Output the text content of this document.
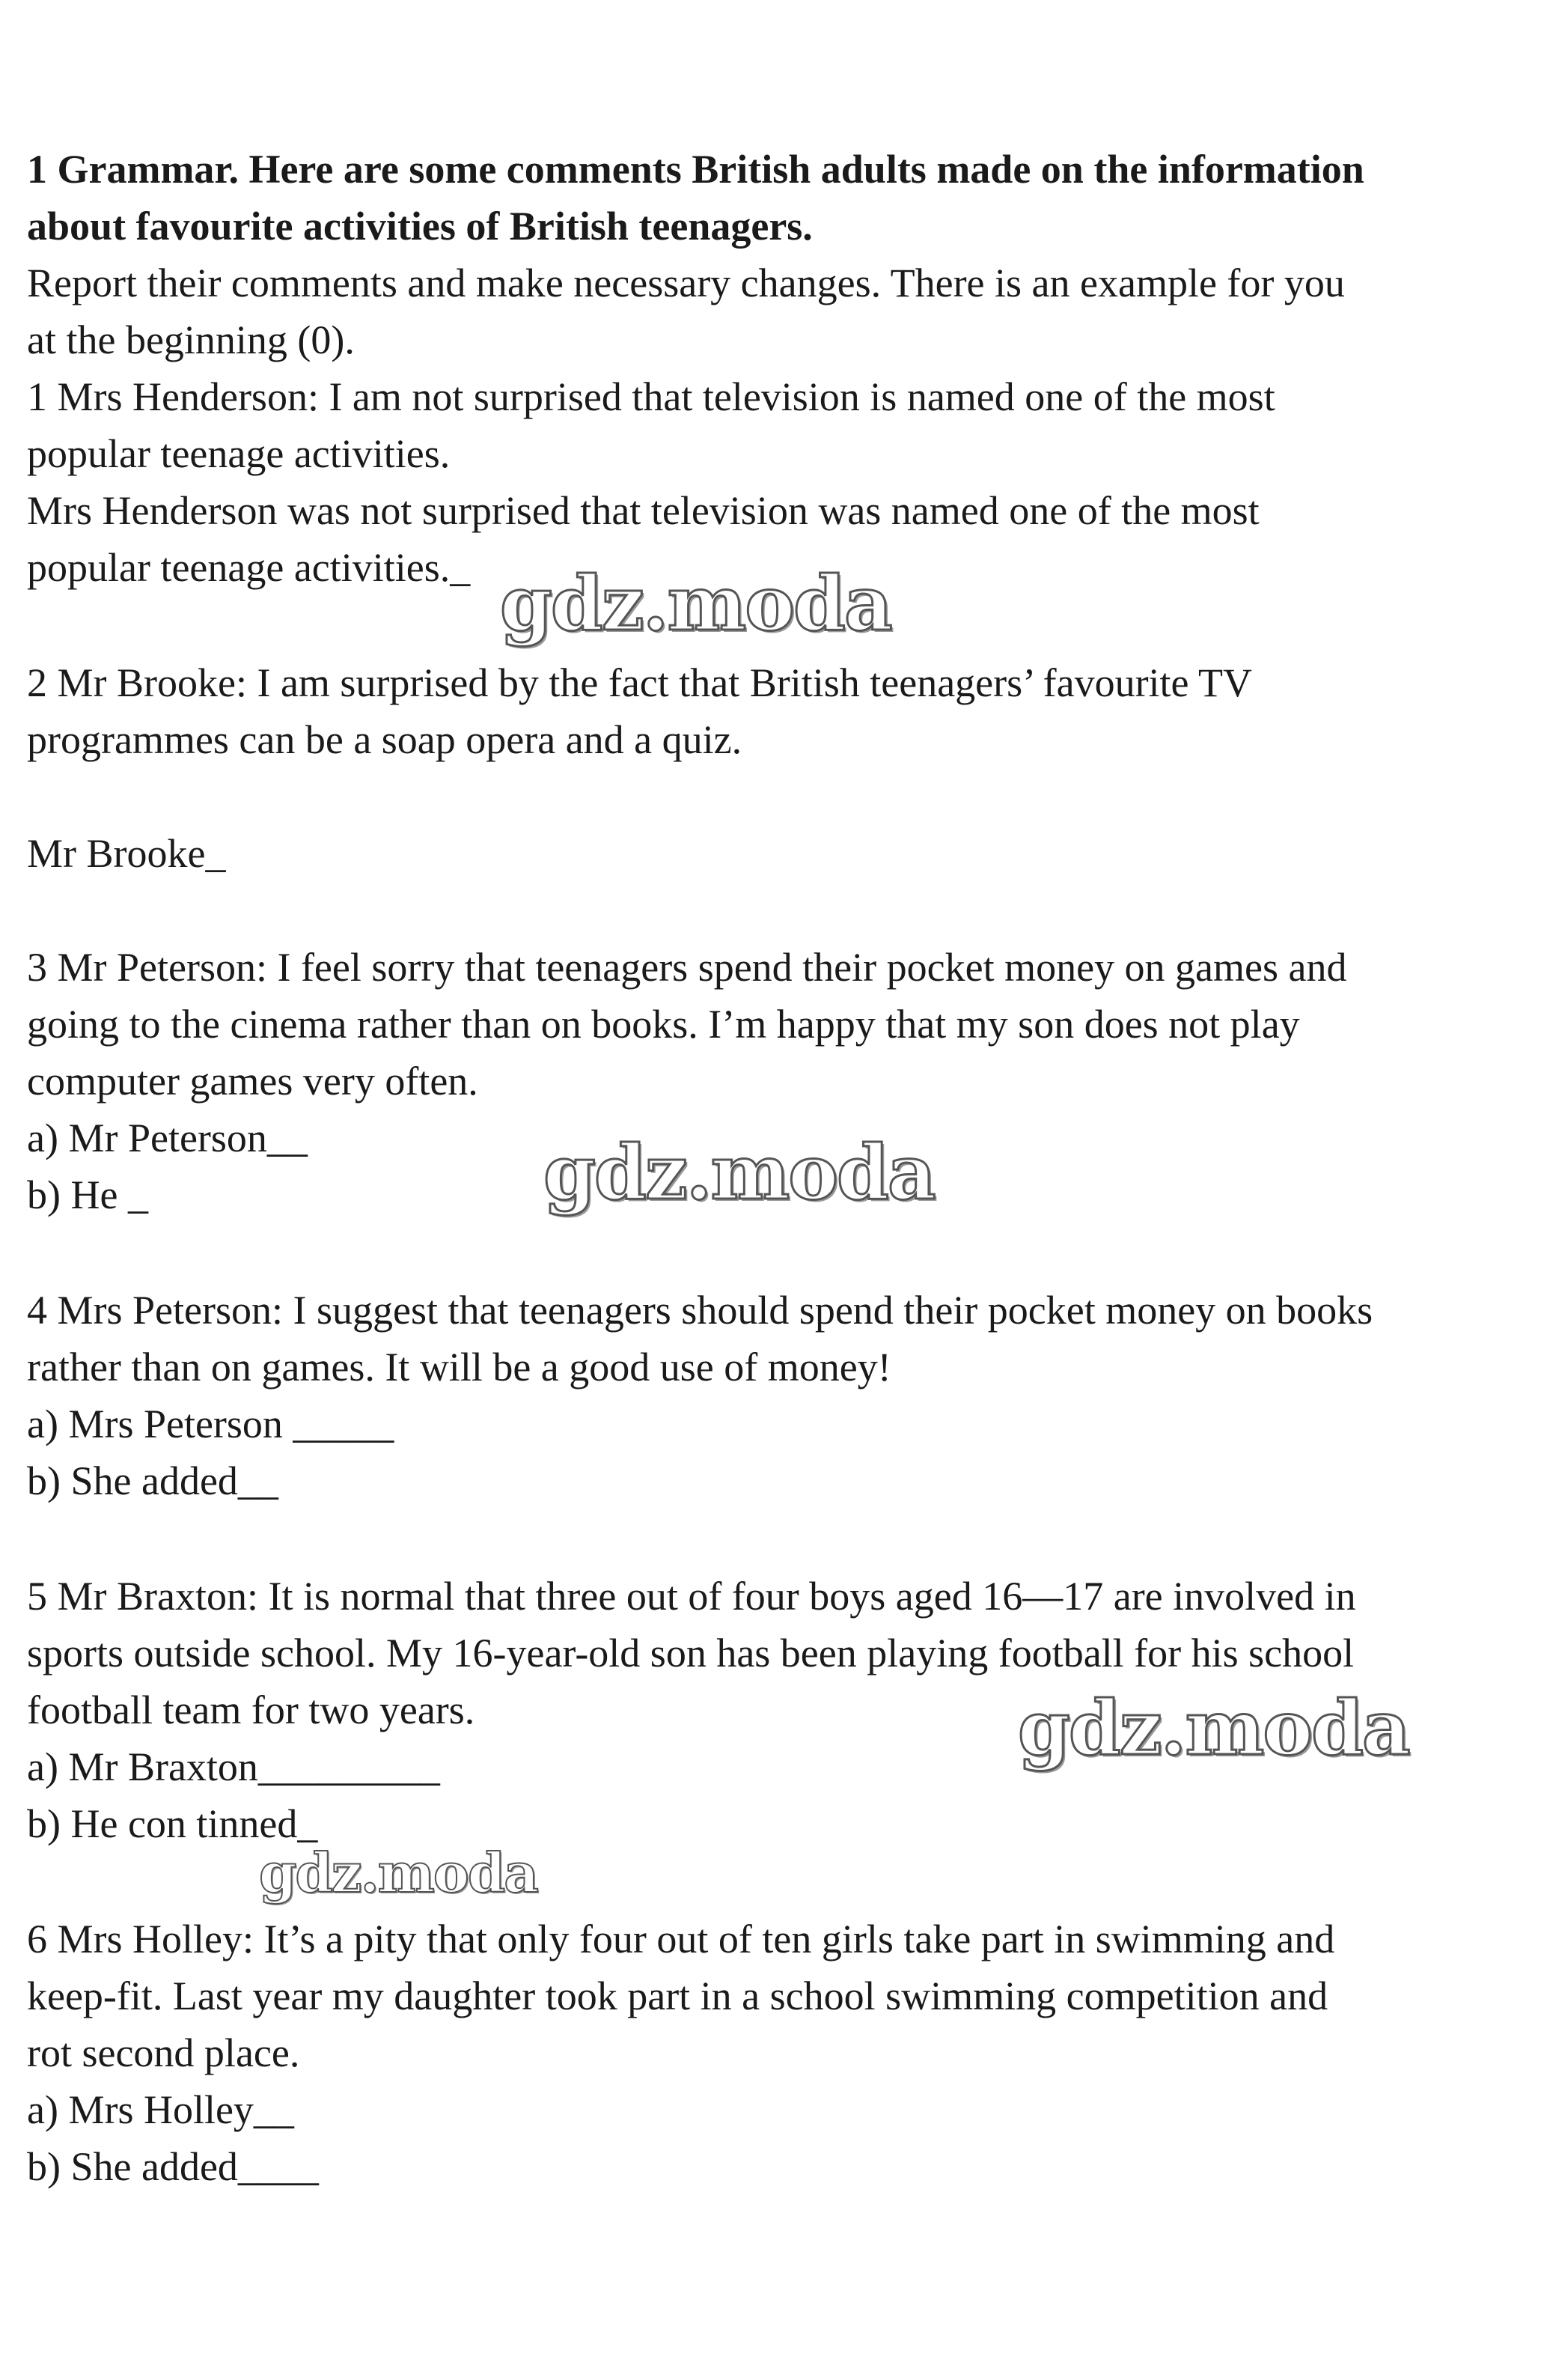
1 Grammar. Here are some comments British adults made on the information
about favourite activities of British teenagers.
Report their comments and make necessary changes. There is an example for you
at the beginning (0).
1 Mrs Henderson: I am not surprised that television is named one of the most
popular teenage activities.
Mrs Henderson was not surprised that television was named one of the most
popular teenage activities._
2 Mr Brooke: I am surprised by the fact that British teenagers’ favourite TV
programmes can be a soap opera and a quiz.
Mr Brooke_
3 Mr Peterson: I feel sorry that teenagers spend their pocket money on games and
going to the cinema rather than on books. I’m happy that my son does not play
computer games very often.
a) Mr Peterson__
b) He _
4 Mrs Peterson: I suggest that teenagers should spend their pocket money on books
rather than on games. It will be a good use of money!
a) Mrs Peterson _____
b) She added__
5 Mr Braxton: It is normal that three out of four boys aged 16—17 are involved in
sports outside school. My 16-year-old son has been playing football for his school
football team for two years.
a) Mr Braxton_________
b) He con tinned_
6 Mrs Holley: It’s a pity that only four out of ten girls take part in swimming and
keep-fit. Last year my daughter took part in a school swimming competition and
rot second place.
a) Mrs Holley__
b) She added____
gdz.moda
gdz.moda
gdz.moda
gdz.moda
